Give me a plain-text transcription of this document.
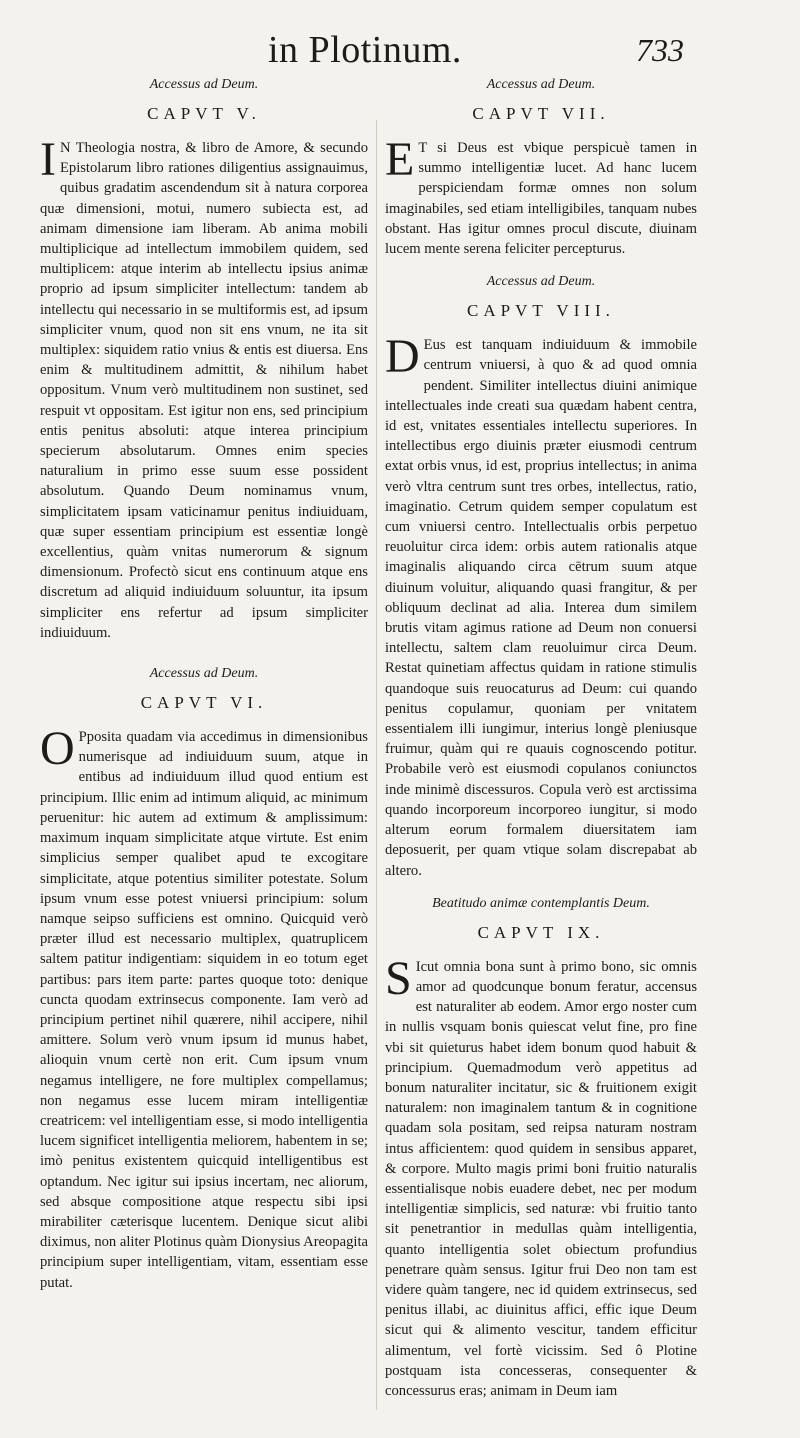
in Plotinum.	733
Accessus ad Deum.
CAPVT V.

IN Theologia nostra, & libro de Amore, & secundo Epistolarum libro rationes diligentius assignauimus, quibus gradatim ascendendum sit à natura corporea quæ dimensioni, motui, numero subiecta est, ad animam dimensione iam liberam. Ab anima mobili multiplicique ad intellectum immobilem quidem, sed multiplicem: atque interim ab intellectu ipsius animæ proprio ad ipsum simpliciter intellectum: tandem ab intellectu qui necessario in se multiformis est, ad ipsum simpliciter vnum, quod non sit ens vnum, ne ita sit multiplex: siquidem ratio vnius & entis est diuersa. Ens enim & multitudinem admittit, & nihilum habet oppositum. Vnum verò multitudinem non sustinet, sed respuit vt oppositam. Est igitur non ens, sed principium entis penitus absoluti: atque interea principium specierum absolutarum. Omnes enim species naturalium in primo esse suum esse possident absolutum. Quando Deum nominamus vnum, simplicitatem ipsam vaticinamur penitus indiuiduam, quæ super essentiam principium est essentiæ longè excellentius, quàm vnitas numerorum & signum dimensionum. Profectò sicut ens continuum atque ens discretum ad aliquid indiuiduum soluuntur, ita ipsum simpliciter ens refertur ad ipsum simpliciter indiuiduum.

Accessus ad Deum.
CAPVT VI.

OPposita quadam via accedimus in dimensionibus numerisque ad indiuiduum suum, atque in entibus ad indiuiduum illud quod entium est principium. Illic enim ad intimum aliquid, ac minimum peruenitur: hic autem ad extimum & amplissimum: maximum inquam simplicitate atque virtute. Est enim simplicius semper qualibet apud te excogitare simplicitate, atque potentius similiter potestate. Solum ipsum vnum esse potest vniuersi principium: solum namque seipso sufficiens est omnino. Quicquid verò præter illud est necessario multiplex, quatruplicem saltem patitur indigentiam: siquidem in eo totum eget partibus: pars item parte: partes quoque toto: denique cuncta quodam extrinsecus componente. Iam verò ad principium pertinet nihil quærere, nihil accipere, nihil amittere. Solum verò vnum ipsum id munus habet, alioquin vnum certè non erit. Cum ipsum vnum negamus intelligere, ne fore multiplex compellamus; non negamus esse lucem miram intelligentiæ creatricem: vel intelligentiam esse, si modo intelligentia lucem significet intelligentia meliorem, habentem in se; imò penitus existentem quicquid intelligentibus est optandum. Nec igitur sui ipsius incertam, nec aliorum, sed absque compositione atque respectu sibi ipsi mirabiliter cæterisque lucentem. Denique sicut alibi diximus, non aliter Plotinus quàm Dionysius Areopagita principium super intelligentiam, vitam, essentiam esse putat.

Accessus ad Deum.
CAPVT VII.

ET si Deus est vbique perspicuè tamen in summo intelligentiæ lucet. Ad hanc lucem perspiciendam formæ omnes non solum imaginabiles, sed etiam intelligibiles, tanquam nubes obstant. Has igitur omnes procul discute, diuinam lucem mente serena feliciter percepturus.

Accessus ad Deum.
CAPVT VIII.

DEus est tanquam indiuiduum & immobile centrum vniuersi, à quo & ad quod omnia pendent. Similiter intellectus diuini animique intellectuales inde creati sua quædam habent centra, id est, vnitates essentiales intellectu superiores. In intellectibus ergo diuinis præter eiusmodi centrum extat orbis vnus, id est, proprius intellectus; in anima verò vltra centrum sunt tres orbes, intellectus, ratio, imaginatio. Cetrum quidem semper copulatum est cum vniuersi centro. Intellectualis orbis perpetuo reuoluitur circa idem: orbis autem rationalis atque imaginalis aliquando circa cētrum suum atque diuinum voluitur, aliquando quasi frangitur, & per obliquum declinat ad alia. Interea dum similem brutis vitam agimus ratione ad Deum non conuersi intellectu, saltem clam reuoluimur circa Deum. Restat quinetiam affectus quidam in ratione stimulis quandoque suis reuocaturus ad Deum: cui quando penitus copulamur, quoniam per vnitatem essentialem illi iungimur, interius longè pleniusque fruimur, quàm qui re quauis cognoscendo potitur. Probabile verò est eiusmodi copulanos coniunctos inde minimè discessuros. Copula verò est arctissima quando incorporeum incorporeo iungitur, si modo alterum eorum formalem diuersitatem iam deposuerit, per quam vtique solam discrepabat ab altero.

Beatitudo animæ contemplantis Deum.
CAPVT IX.

SIcut omnia bona sunt à primo bono, sic omnis amor ad quodcunque bonum feratur, accensus est naturaliter ab eodem. Amor ergo noster cum in nullis vsquam bonis quiescat velut fine, pro fine vbi sit quieturus habet idem bonum quod habuit & principium. Quemadmodum verò appetitus ad bonum naturaliter incitatur, sic & fruitionem exigit naturalem: non imaginalem tantum & in cognitione quadam sola positam, sed reipsa naturam nostram intus afficientem: quod quidem in sensibus apparet, & corpore. Multo magis primi boni fruitio naturalis essentialisque nobis euadere debet, nec per modum intelligentiæ simplicis, sed naturæ: vbi fruitio tanto sit penetrantior in medullas quàm intelligentia, quanto intelligentia solet obiectum profundius penetrare quàm sensus. Igitur frui Deo non tam est videre quàm tangere, nec id quidem extrinsecus, sed penitus illabi, ac diuinitus affici, effic ique Deum sicut qui & alimento vescitur, tandem efficitur alimentum, vel fortè vicissim. Sed ô Plotine postquam ista concesseras, consequenter & concessurus eras; animam in Deum iam
